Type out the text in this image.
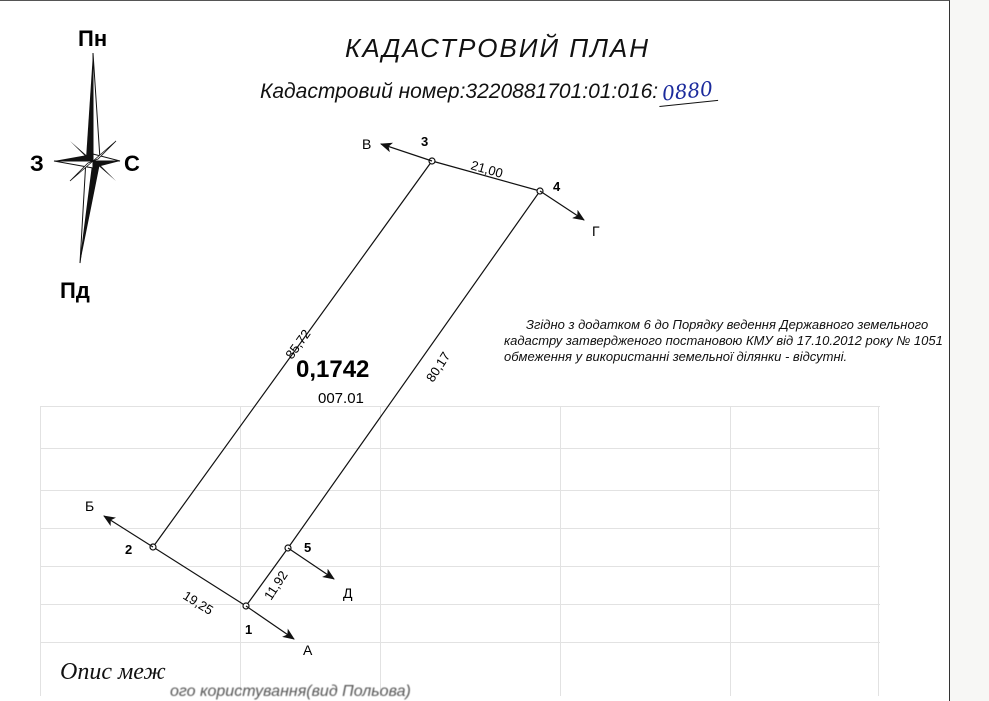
КАДАСТРОВИЙ ПЛАН
Кадастровий номер:3220881701:01:016: 0880
Пн
Пд
З	С
1
2
3
4
5
А
Б
В
Г
Д
19,25
85,72
21,00
80,17
11,92
0,1742
007.01
Згідно з додатком 6 до Порядку ведення Державного земельного кадастру затвердженого постановою КМУ від 17.10.2012 року № 1051 обмеження у використанні земельної ділянки - відсутні.
Опис меж
ого користування(вид Польова)
